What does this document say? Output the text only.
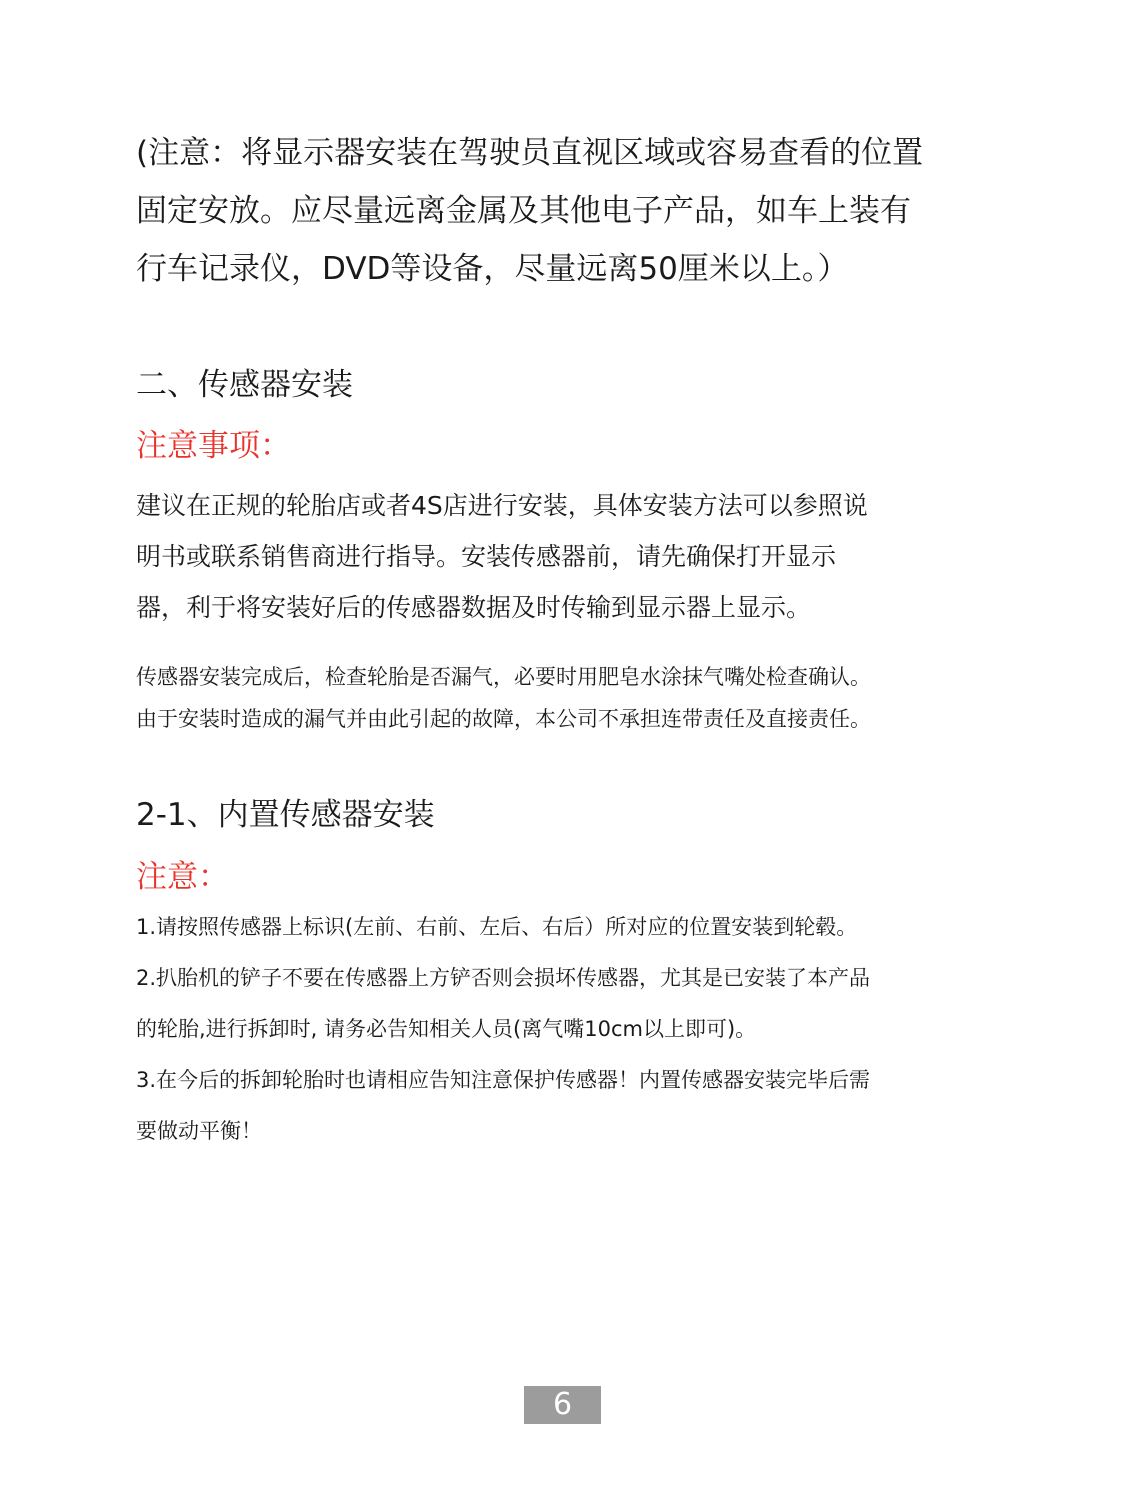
(注意：将显示器安装在驾驶员直视区域或容易查看的位置
固定安放。应尽量远离金属及其他电子产品，如车上装有
行车记录仪，DVD等设备，尽量远离50厘米以上。）
二、传感器安装
注意事项：
建议在正规的轮胎店或者4S店进行安装，具体安装方法可以参照说
明书或联系销售商进行指导。安装传感器前，请先确保打开显示
器，利于将安装好后的传感器数据及时传输到显示器上显示。
传感器安装完成后，检查轮胎是否漏气，必要时用肥皂水涂抹气嘴处检查确认。
由于安装时造成的漏气并由此引起的故障，本公司不承担连带责任及直接责任。
2-1、内置传感器安装
注意：
1.请按照传感器上标识(左前、右前、左后、右后）所对应的位置安装到轮毂。
2.扒胎机的铲子不要在传感器上方铲否则会损坏传感器，尤其是已安装了本产品
的轮胎,进行拆卸时, 请务必告知相关人员(离气嘴10cm以上即可)。
3.在今后的拆卸轮胎时也请相应告知注意保护传感器！内置传感器安装完毕后需
要做动平衡！
6
